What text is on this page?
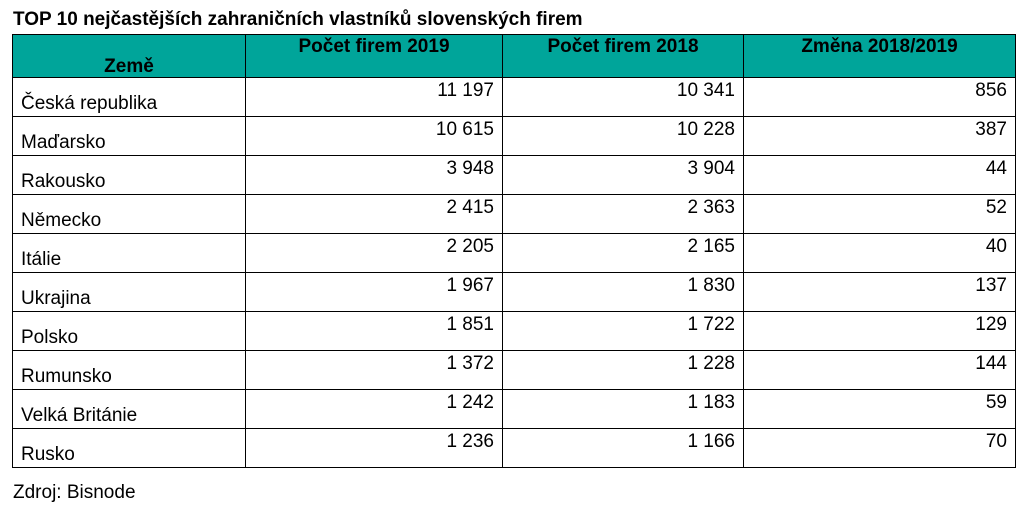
TOP 10 nejčastějších zahraničních vlastníků slovenských firem
Země	Počet firem 2019	Počet firem 2018	Změna 2018/2019
Česká republika	11 197	10 341	856
Maďarsko	10 615	10 228	387
Rakousko	3 948	3 904	44
Německo	2 415	2 363	52
Itálie	2 205	2 165	40
Ukrajina	1 967	1 830	137
Polsko	1 851	1 722	129
Rumunsko	1 372	1 228	144
Velká Británie	1 242	1 183	59
Rusko	1 236	1 166	70
Zdroj: Bisnode
